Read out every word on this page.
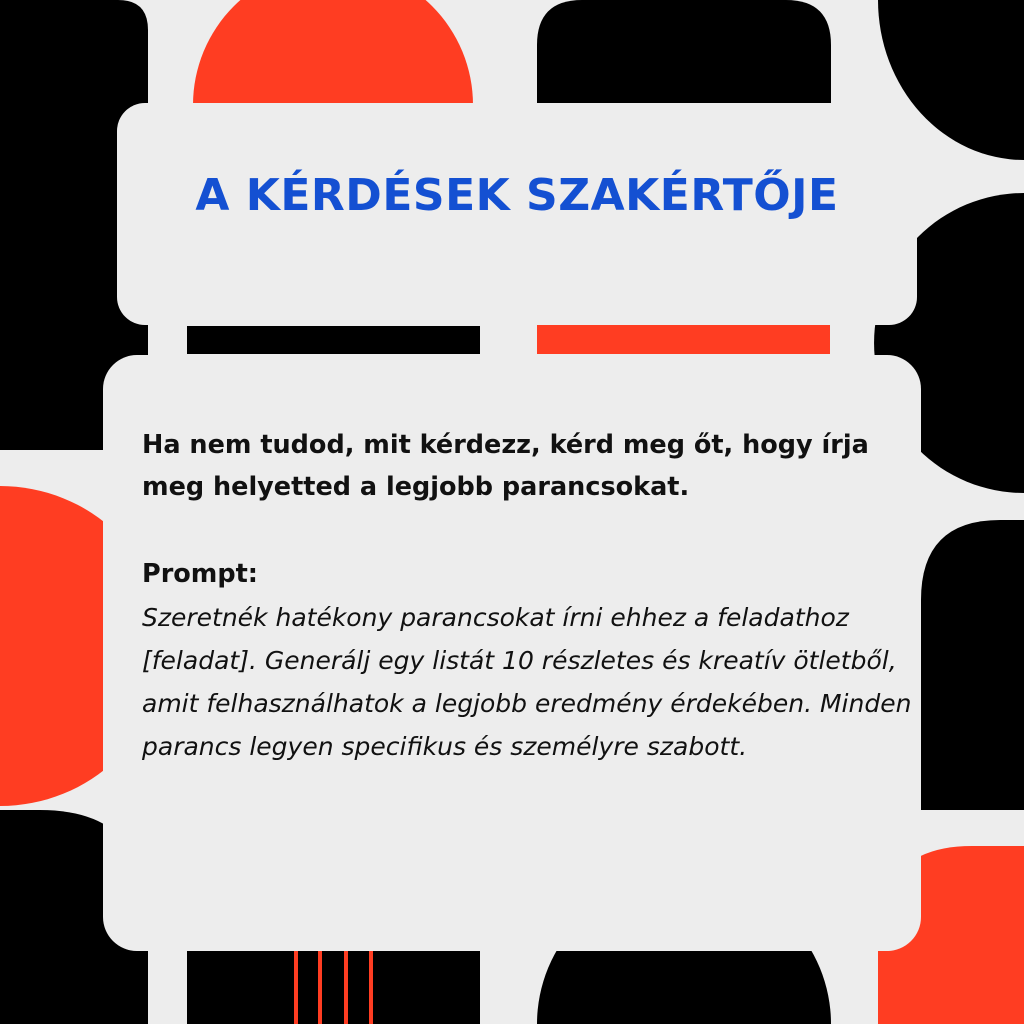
A KÉRDÉSEK SZAKÉRTŐJE

Ha nem tudod, mit kérdezz, kérd meg őt, hogy írja meg helyetted a legjobb parancsokat.

Prompt:

Szeretnék hatékony parancsokat írni ehhez a feladathoz [feladat]. Generálj egy listát 10 részletes és kreatív ötletből, amit felhasználhatok a legjobb eredmény érdekében. Minden parancs legyen specifikus és személyre szabott.
